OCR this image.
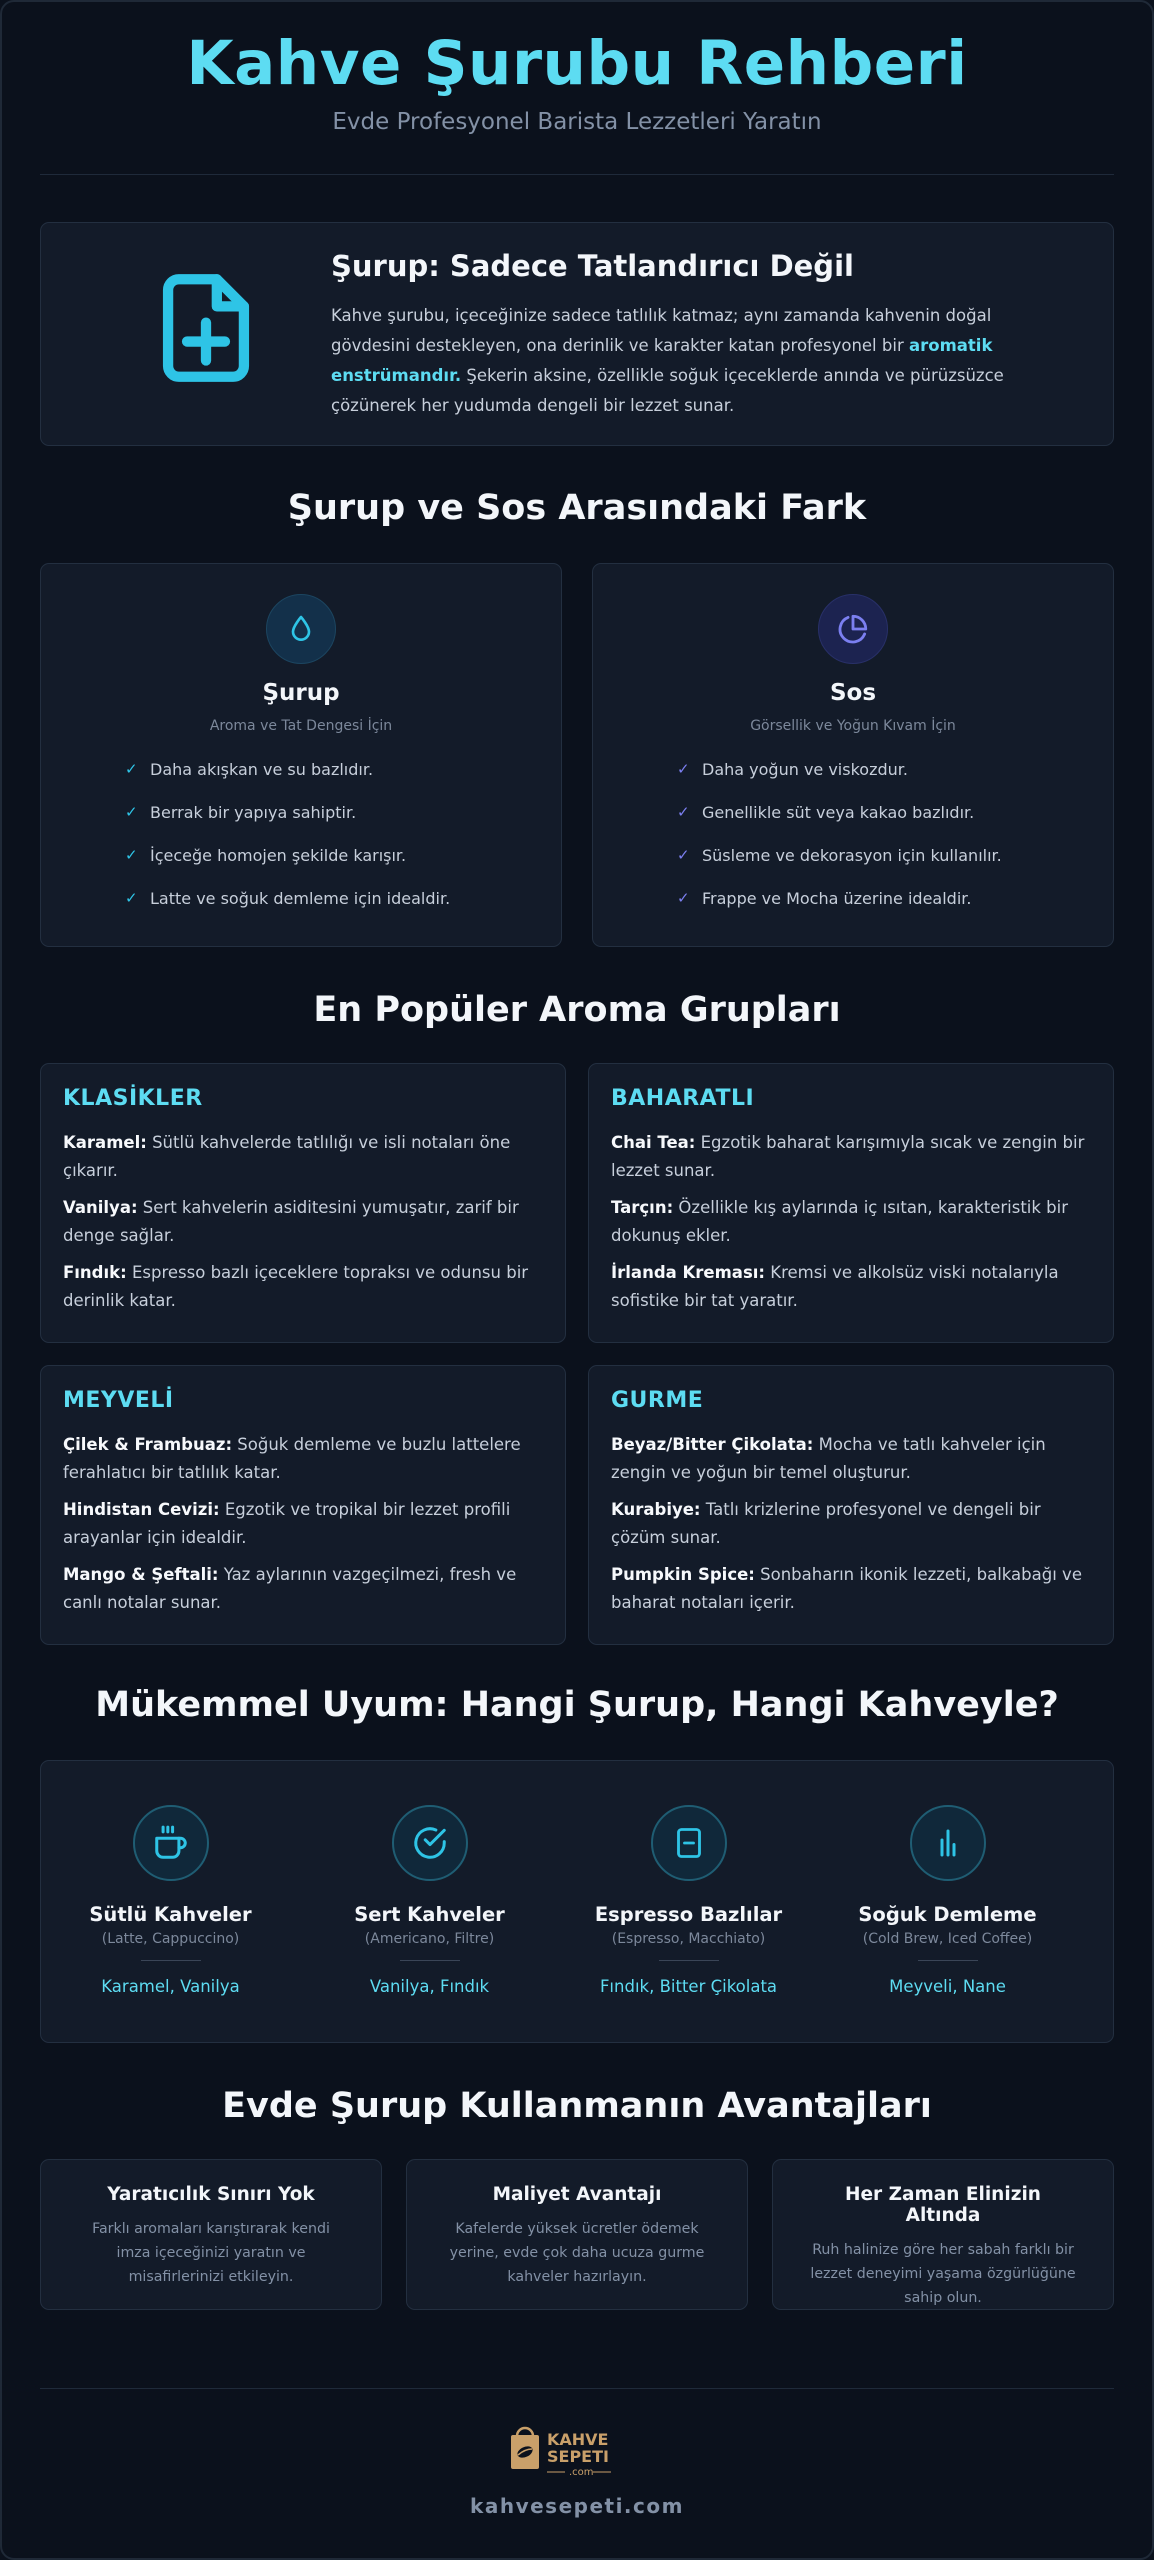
Kahve Şurubu Rehberi
Evde Profesyonel Barista Lezzetleri Yaratın
Şurup: Sadece Tatlandırıcı Değil

Kahve şurubu, içeceğinize sadece tatlılık katmaz; aynı zamanda kahvenin doğal gövdesini destekleyen, ona derinlik ve karakter katan profesyonel bir aromatik enstrümandır. Şekerin aksine, özellikle soğuk içeceklerde anında ve pürüzsüzce çözünerek her yudumda dengeli bir lezzet sunar.

Şurup ve Sos Arasındaki Fark
Şurup
Aroma ve Tat Dengesi İçin
✓ Daha akışkan ve su bazlıdır.
✓ Berrak bir yapıya sahiptir.
✓ İçeceğe homojen şekilde karışır.
✓ Latte ve soğuk demleme için idealdir.
Sos
Görsellik ve Yoğun Kıvam İçin
✓ Daha yoğun ve viskozdur.
✓ Genellikle süt veya kakao bazlıdır.
✓ Süsleme ve dekorasyon için kullanılır.
✓ Frappe ve Mocha üzerine idealdir.
En Popüler Aroma Grupları
KLASİKLER
Karamel: Sütlü kahvelerde tatlılığı ve isli notaları öne çıkarır.
Vanilya: Sert kahvelerin asiditesini yumuşatır, zarif bir denge sağlar.
Fındık: Espresso bazlı içeceklere topraksı ve odunsu bir derinlik katar.
BAHARATLI
Chai Tea: Egzotik baharat karışımıyla sıcak ve zengin bir lezzet sunar.
Tarçın: Özellikle kış aylarında iç ısıtan, karakteristik bir dokunuş ekler.
İrlanda Kreması: Kremsi ve alkolsüz viski notalarıyla sofistike bir tat yaratır.
MEYVELİ
Çilek & Frambuaz: Soğuk demleme ve buzlu lattelere ferahlatıcı bir tatlılık katar.
Hindistan Cevizi: Egzotik ve tropikal bir lezzet profili arayanlar için idealdir.
Mango & Şeftali: Yaz aylarının vazgeçilmezi, fresh ve canlı notalar sunar.
GURME
Beyaz/Bitter Çikolata: Mocha ve tatlı kahveler için zengin ve yoğun bir temel oluşturur.
Kurabiye: Tatlı krizlerine profesyonel ve dengeli bir çözüm sunar.
Pumpkin Spice: Sonbaharın ikonik lezzeti, balkabağı ve baharat notaları içerir.
Mükemmel Uyum: Hangi Şurup, Hangi Kahveyle?
Sütlü Kahveler
(Latte, Cappuccino)
Karamel, Vanilya
Sert Kahveler
(Americano, Filtre)
Vanilya, Fındık
Espresso Bazlılar
(Espresso, Macchiato)
Fındık, Bitter Çikolata
Soğuk Demleme
(Cold Brew, Iced Coffee)
Meyveli, Nane
Evde Şurup Kullanmanın Avantajları
Yaratıcılık Sınırı Yok
Farklı aromaları karıştırarak kendi imza içeceğinizi yaratın ve misafirlerinizi etkileyin.
Maliyet Avantajı
Kafelerde yüksek ücretler ödemek yerine, evde çok daha ucuza gurme kahveler hazırlayın.
Her Zaman Elinizin Altında
Ruh halinize göre her sabah farklı bir lezzet deneyimi yaşama özgürlüğüne sahip olun.
KAHVE
SEPETI
.com
kahvesepeti.com
